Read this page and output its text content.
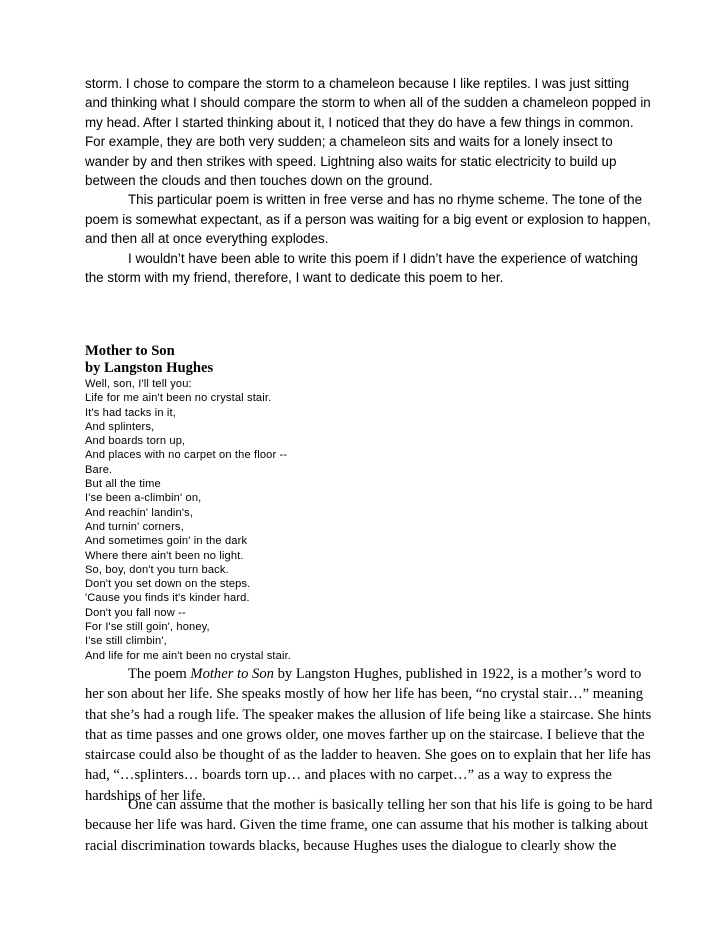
storm. I chose to compare the storm to a chameleon because I like reptiles. I was just sitting

and thinking what I should compare the storm to when all of the sudden a chameleon popped in

my head. After I started thinking about it, I noticed that they do have a few things in common.

For example, they are both very sudden; a chameleon sits and waits for a lonely insect to

wander by and then strikes with speed. Lightning also waits for static electricity to build up

between the clouds and then touches down on the ground.

This particular poem is written in free verse and has no rhyme scheme. The tone of the

poem is somewhat expectant, as if a person was waiting for a big event or explosion to happen,

and then all at once everything explodes.

I wouldn’t have been able to write this poem if I didn’t have the experience of watching

the storm with my friend, therefore, I want to dedicate this poem to her.

Mother to Son
by Langston Hughes
Well, son, I'll tell you:
Life for me ain't been no crystal stair.
It's had tacks in it,
And splinters,
And boards torn up,
And places with no carpet on the floor --
Bare.
But all the time
I'se been a-climbin' on,
And reachin' landin's,
And turnin' corners,
And sometimes goin' in the dark
Where there ain't been no light.
So, boy, don't you turn back.
Don't you set down on the steps.
'Cause you finds it's kinder hard.
Don't you fall now --
For I'se still goin', honey,
I'se still climbin',
And life for me ain't been no crystal stair.

The poem Mother to Son by Langston Hughes, published in 1922, is a mother’s word to

her son about her life. She speaks mostly of how her life has been, “no crystal stair…” meaning

that she’s had a rough life. The speaker makes the allusion of life being like a staircase. She hints

that as time passes and one grows older, one moves farther up on the staircase. I believe that the

staircase could also be thought of as the ladder to heaven. She goes on to explain that her life has

had, “…splinters… boards torn up… and places with no carpet…” as a way to express the

hardships of her life.

One can assume that the mother is basically telling her son that his life is going to be hard

because her life was hard. Given the time frame, one can assume that his mother is talking about

racial discrimination towards blacks, because Hughes uses the dialogue to clearly show the
